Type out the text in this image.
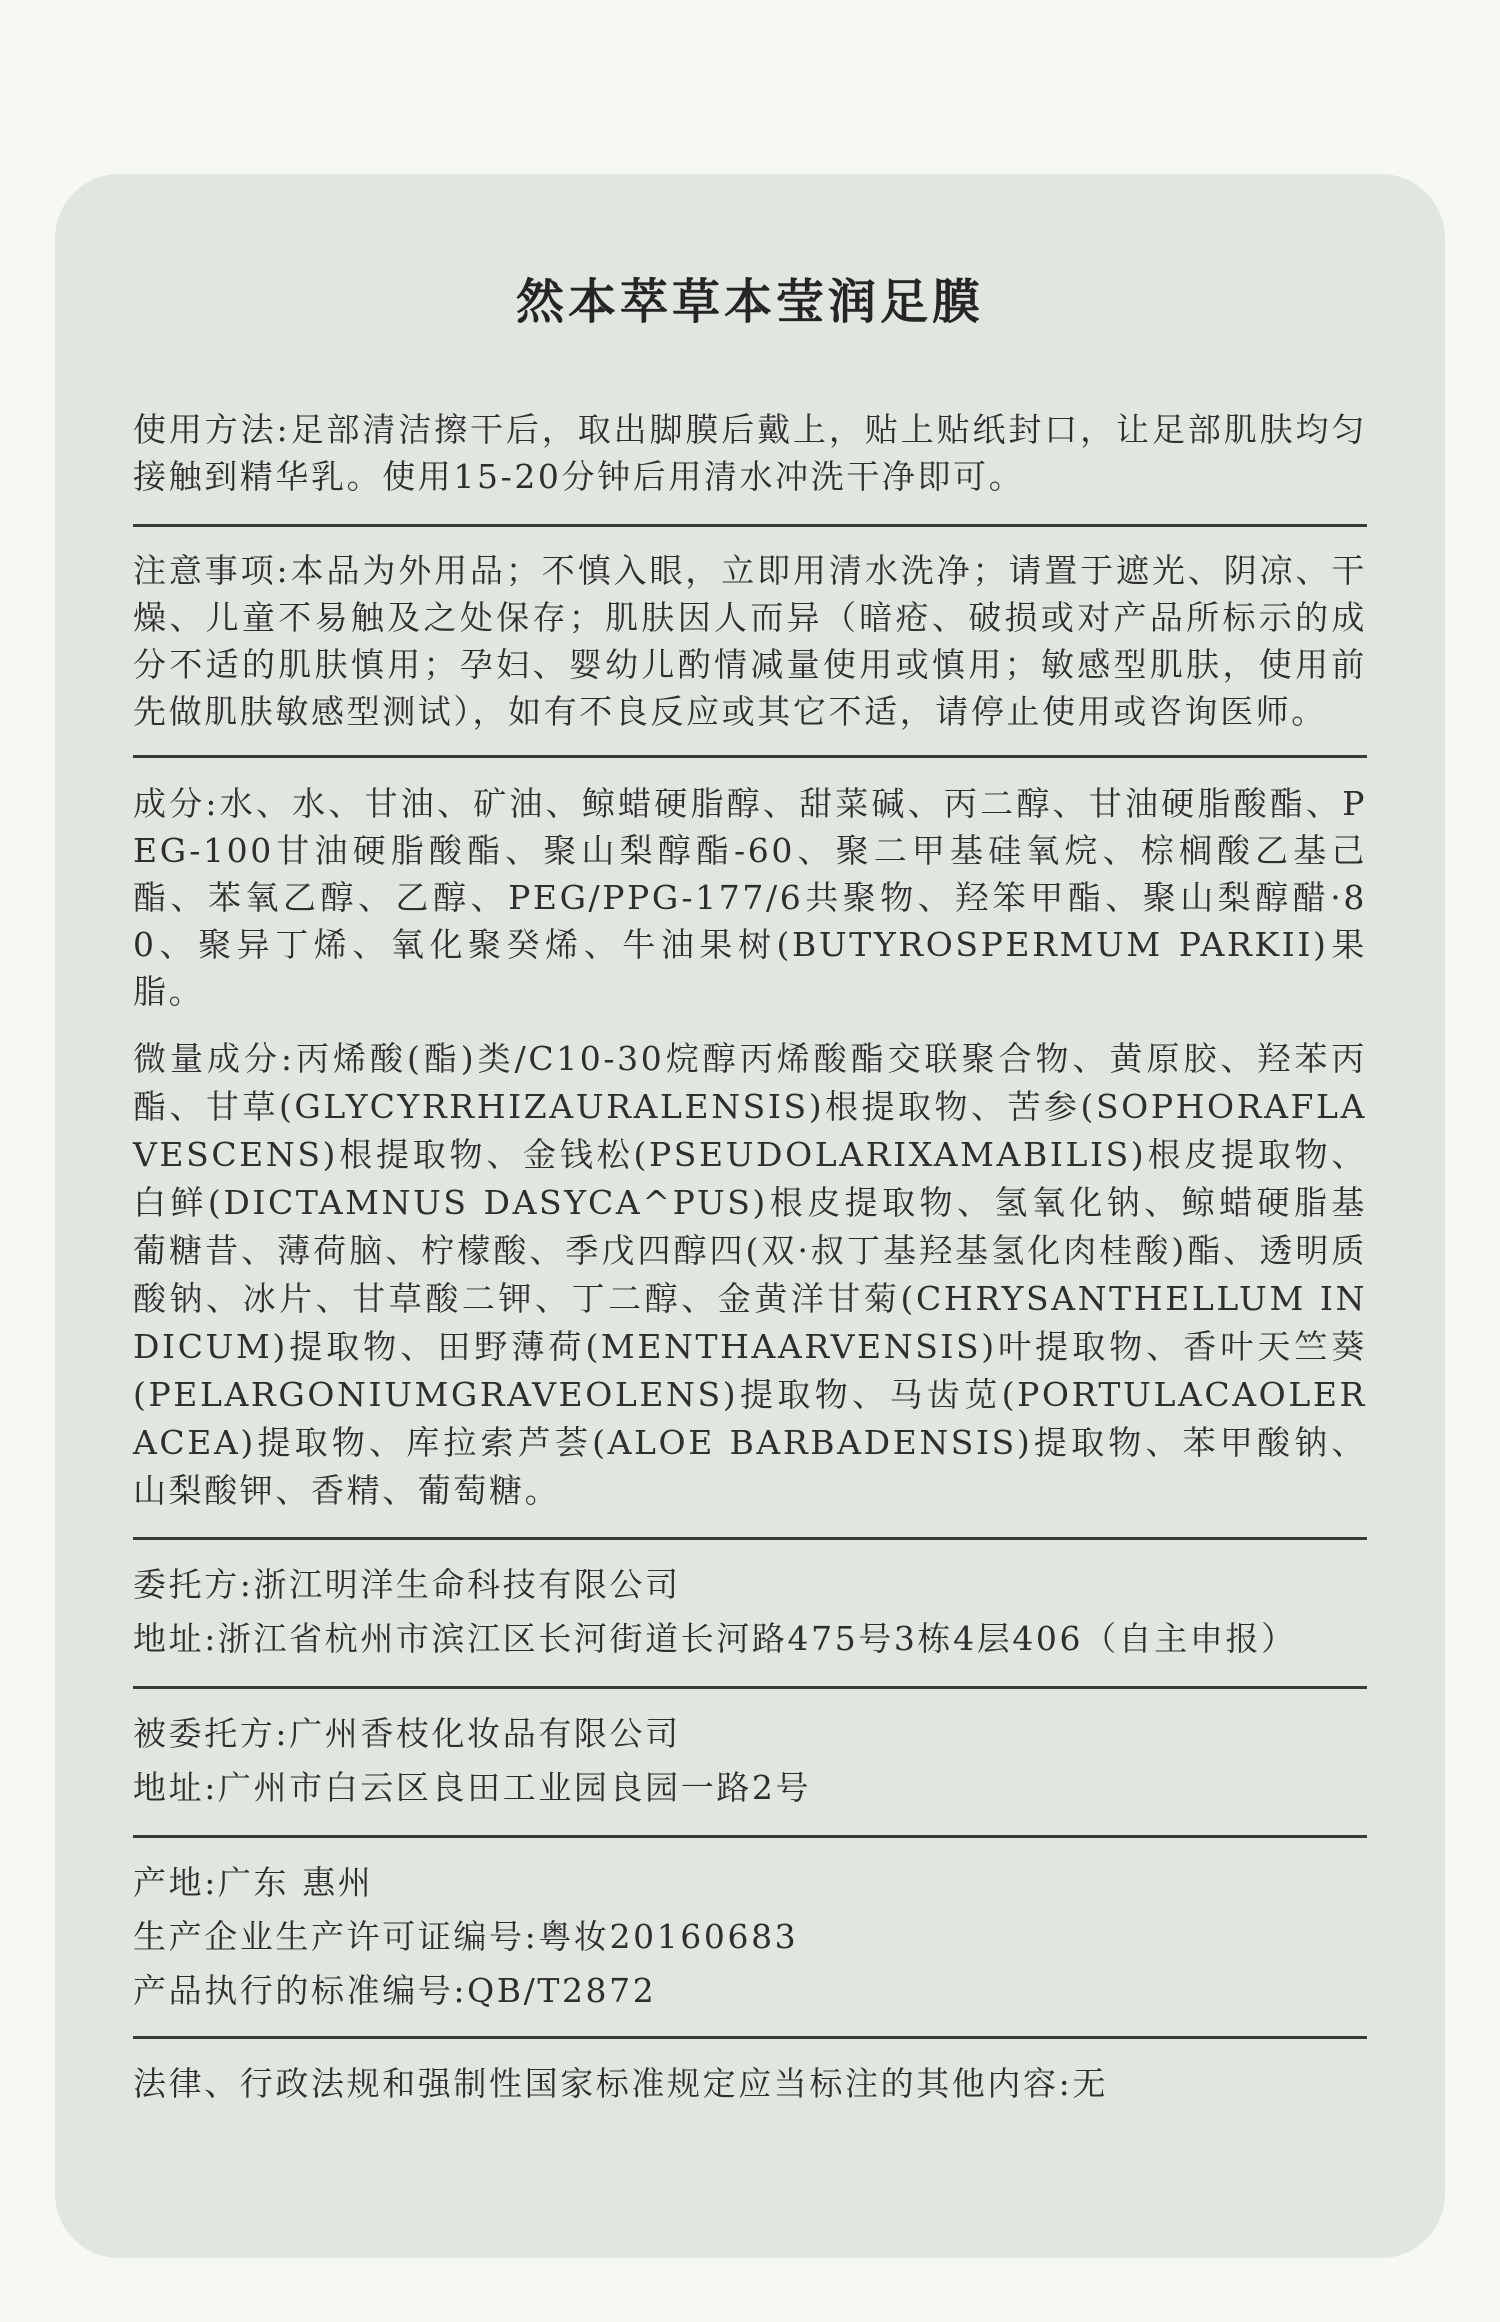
然本萃草本莹润足膜

使用方法:足部清洁擦干后，取出脚膜后戴上，贴上贴纸封口，让足部肌肤均匀接触到精华乳。使用15-20分钟后用清水冲洗干净即可。

注意事项:本品为外用品；不慎入眼，立即用清水洗净；请置于遮光、阴凉、干燥、儿童不易触及之处保存；肌肤因人而异（暗疮、破损或对产品所标示的成分不适的肌肤慎用；孕妇、婴幼儿酌情减量使用或慎用；敏感型肌肤，使用前先做肌肤敏感型测试），如有不良反应或其它不适，请停止使用或咨询医师。

成分:水、水、甘油、矿油、鲸蜡硬脂醇、甜菜碱、丙二醇、甘油硬脂酸酯、PEG-100甘油硬脂酸酯、聚山梨醇酯-60、聚二甲基硅氧烷、棕榈酸乙基己酯、苯氧乙醇、乙醇、PEG/PPG-177/6共聚物、羟笨甲酯、聚山梨醇醋·80、聚异丁烯、氧化聚癸烯、牛油果树(BUTYROSPERMUM PARKII)果脂。

微量成分:丙烯酸(酯)类/C10-30烷醇丙烯酸酯交联聚合物、黄原胶、羟苯丙酯、甘草(GLYCYRRHIZAURALENSIS)根提取物、苦参(SOPHORAFLAVESCENS)根提取物、金钱松(PSEUDOLARIXAMABILIS)根皮提取物、白鲜(DICTAMNUS DASYCA^PUS)根皮提取物、氢氧化钠、鲸蜡硬脂基葡糖昔、薄荷脑、柠檬酸、季戊四醇四(双·叔丁基羟基氢化肉桂酸)酯、透明质酸钠、冰片、甘草酸二钾、丁二醇、金黄洋甘菊(CHRYSANTHELLUM INDICUM)提取物、田野薄荷(MENTHAARVENSIS)叶提取物、香叶天竺葵(PELARGONIUMGRAVEOLENS)提取物、马齿苋(PORTULACAOLERACEA)提取物、库拉索芦荟(ALOE BARBADENSIS)提取物、苯甲酸钠、山梨酸钾、香精、葡萄糖。

委托方:浙江明洋生命科技有限公司

地址:浙江省杭州市滨江区长河街道长河路475号3栋4层406（自主申报）

被委托方:广州香枝化妆品有限公司

地址:广州市白云区良田工业园良园一路2号

产地:广东 惠州

生产企业生产许可证编号:粤妆20160683

产品执行的标准编号:QB/T2872

法律、行政法规和强制性国家标准规定应当标注的其他内容:无
